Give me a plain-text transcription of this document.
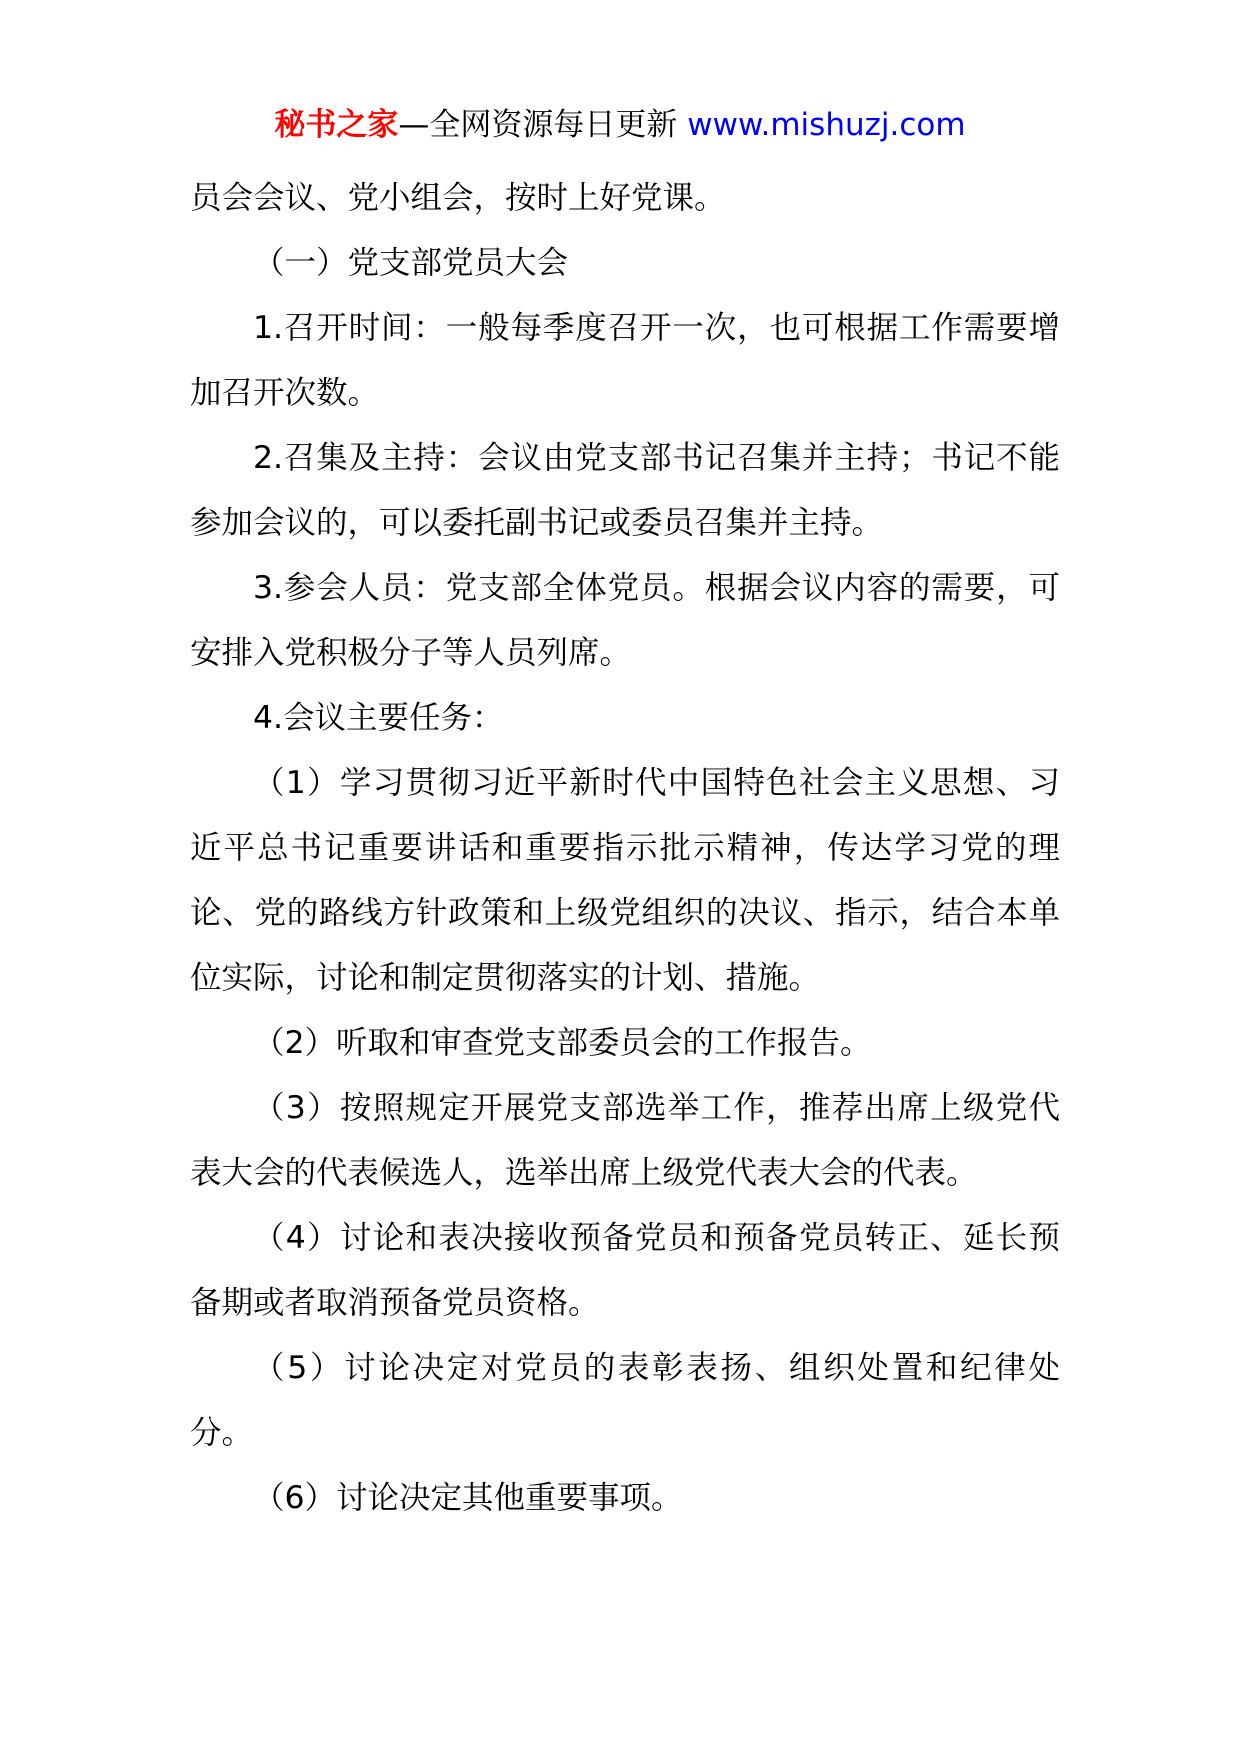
秘书之家—全网资源每日更新 www.mishuzj.com

员会会议、党小组会，按时上好党课。

（一）党支部党员大会

1.召开时间：一般每季度召开一次，也可根据工作需要增加召开次数。

2.召集及主持：会议由党支部书记召集并主持；书记不能参加会议的，可以委托副书记或委员召集并主持。

3.参会人员：党支部全体党员。根据会议内容的需要，可安排入党积极分子等人员列席。

4.会议主要任务：

（1）学习贯彻习近平新时代中国特色社会主义思想、习近平总书记重要讲话和重要指示批示精神，传达学习党的理论、党的路线方针政策和上级党组织的决议、指示，结合本单位实际，讨论和制定贯彻落实的计划、措施。

（2）听取和审查党支部委员会的工作报告。

（3）按照规定开展党支部选举工作，推荐出席上级党代表大会的代表候选人，选举出席上级党代表大会的代表。

（4）讨论和表决接收预备党员和预备党员转正、延长预备期或者取消预备党员资格。

（5）讨论决定对党员的表彰表扬、组织处置和纪律处分。

（6）讨论决定其他重要事项。
